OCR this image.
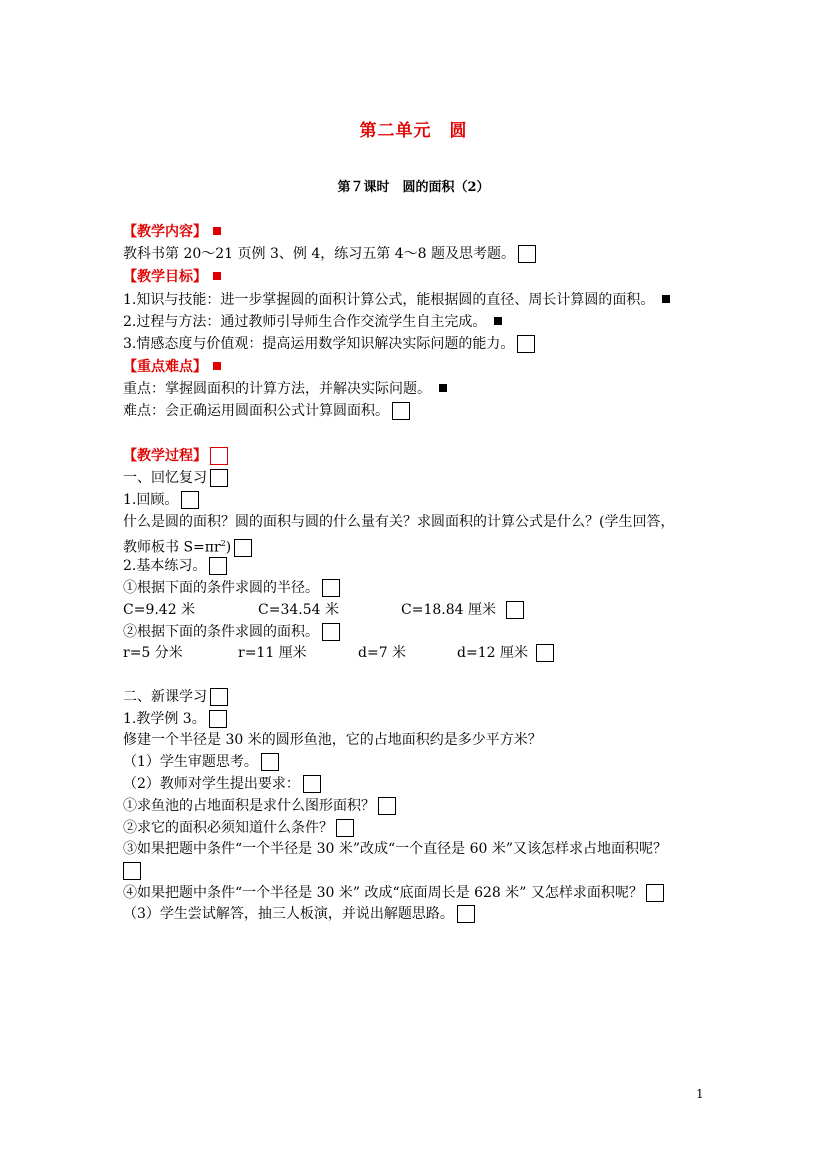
第二单元　圆
第７课时　圆的面积（2）
【教学内容】
教科书第 20～21 页例 3、例 4，练习五第 4～8 题及思考题。
【教学目标】
1.知识与技能：进一步掌握圆的面积计算公式，能根据圆的直径、周长计算圆的面积。
2.过程与方法：通过教师引导师生合作交流学生自主完成。
3.情感态度与价值观：提高运用数学知识解决实际问题的能力。
【重点难点】
重点：掌握圆面积的计算方法，并解决实际问题。
难点：会正确运用圆面积公式计算圆面积。
【教学过程】
一、回忆复习
1.回顾。
什么是圆的面积？圆的面积与圆的什么量有关？求圆面积的计算公式是什么？(学生回答，
教师板书 $S=\pi r^2$)
2.基本练习。
①根据下面的条件求圆的半径。
C=9.42 米	C=34.54 米	C=18.84 厘米
②根据下面的条件求圆的面积。
r=5 分米	r=11 厘米	d=7 米	d=12 厘米
二、新课学习
1.教学例 3。
修建一个半径是 30 米的圆形鱼池，它的占地面积约是多少平方米？
（1）学生审题思考。
（2）教师对学生提出要求：
①求鱼池的占地面积是求什么图形面积？
②求它的面积必须知道什么条件？
③如果把题中条件“一个半径是 30 米”改成“一个直径是 60 米”又该怎样求占地面积呢？
④如果把题中条件“一个半径是 30 米” 改成“底面周长是 628 米” 又怎样求面积呢？
（3）学生尝试解答，抽三人板演，并说出解题思路。
1
